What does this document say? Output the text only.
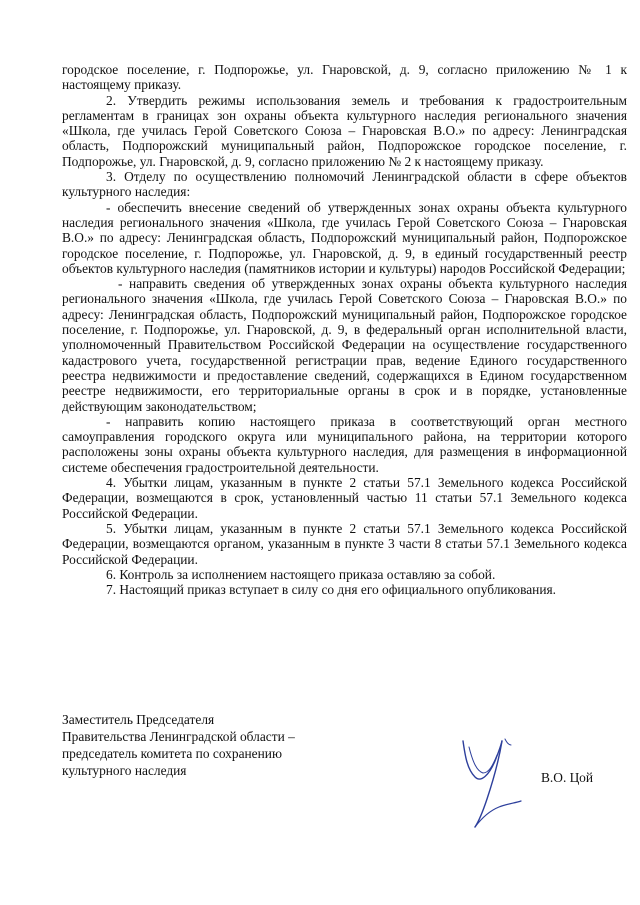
городское поселение, г. Подпорожье, ул. Гнаровской, д. 9, согласно приложению № 1 к настоящему приказу.

2. Утвердить режимы использования земель и требования к градостроительным регламентам в границах зон охраны объекта культурного наследия регионального значения «Школа, где училась Герой Советского Союза – Гнаровская В.О.» по адресу: Ленинградская область, Подпорожский муниципальный район, Подпорожское городское поселение, г. Подпорожье, ул. Гнаровской, д. 9, согласно приложению № 2 к настоящему приказу.

3. Отделу по осуществлению полномочий Ленинградской области в сфере объектов культурного наследия:

- обеспечить внесение сведений об утвержденных зонах охраны объекта культурного наследия регионального значения «Школа, где училась Герой Советского Союза – Гнаровская В.О.» по адресу: Ленинградская область, Подпорожский муниципальный район, Подпорожское городское поселение, г. Подпорожье, ул. Гнаровской, д. 9, в единый государственный реестр объектов культурного наследия (памятников истории и культуры) народов Российской Федерации;

- направить сведения об утвержденных зонах охраны объекта культурного наследия регионального значения «Школа, где училась Герой Советского Союза – Гнаровская В.О.» по адресу: Ленинградская область, Подпорожский муниципальный район, Подпорожское городское поселение, г. Подпорожье, ул. Гнаровской, д. 9, в федеральный орган исполнительной власти, уполномоченный Правительством Российской Федерации на осуществление государственного кадастрового учета, государственной регистрации прав, ведение Единого государственного реестра недвижимости и предоставление сведений, содержащихся в Едином государственном реестре недвижимости, его территориальные органы в срок и в порядке, установленные действующим законодательством;

- направить копию настоящего приказа в соответствующий орган местного самоуправления городского округа или муниципального района, на территории которого расположены зоны охраны объекта культурного наследия, для размещения в информационной системе обеспечения градостроительной деятельности.

4. Убытки лицам, указанным в пункте 2 статьи 57.1 Земельного кодекса Российской Федерации, возмещаются в срок, установленный частью 11 статьи 57.1 Земельного кодекса Российской Федерации.

5. Убытки лицам, указанным в пункте 2 статьи 57.1 Земельного кодекса Российской Федерации, возмещаются органом, указанным в пункте 3 части 8 статьи 57.1 Земельного кодекса Российской Федерации.

6. Контроль за исполнением настоящего приказа оставляю за собой.

7. Настоящий приказ вступает в силу со дня его официального опубликования.

Заместитель Председателя
Правительства Ленинградской области –
председатель комитета по сохранению
культурного наследия	В.О. Цой
